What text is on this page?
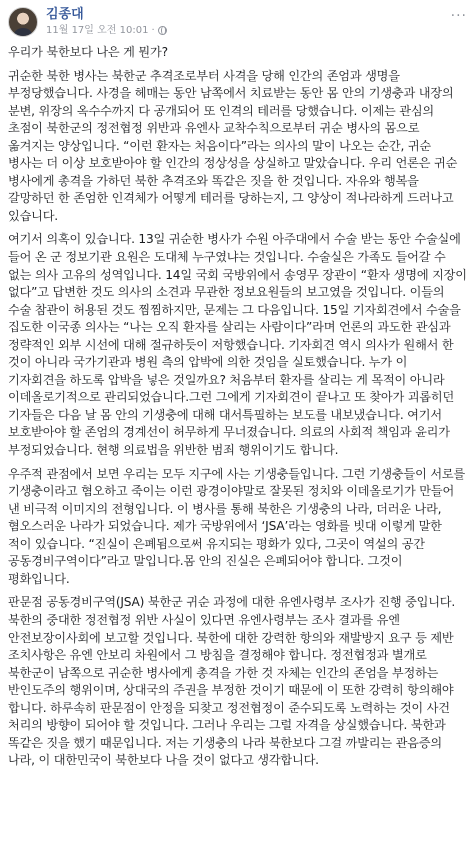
김종대
11월 17일 오전 10:01 ·
···

우리가 북한보다 나은 게 뭔가?

귀순한 북한 병사는 북한군 추격조로부터 사격을 당해 인간의 존엄과 생명을 부정당했습니다. 사경을 헤매는 동안 남쪽에서 치료받는 동안 몸 안의 기생충과 내장의 분변, 위장의 옥수수까지 다 공개되어 또 인격의 테러를 당했습니다. 이제는 관심의 초점이 북한군의 정전협정 위반과 유엔사 교착수칙으로부터 귀순 병사의 몸으로 옮겨지는 양상입니다. “이런 환자는 처음이다”라는 의사의 말이 나오는 순간, 귀순 병사는 더 이상 보호받아야 할 인간의 정상성을 상실하고 말았습니다. 우리 언론은 귀순 병사에게 총격을 가하던 북한 추격조와 똑같은 짓을 한 것입니다. 자유와 행복을 갈망하던 한 존엄한 인격체가 어떻게 테러를 당하는지, 그 양상이 적나라하게 드러나고 있습니다.

여기서 의혹이 있습니다. 13일 귀순한 병사가 수원 아주대에서 수술 받는 동안 수술실에 들어 온 군 정보기관 요원은 도대체 누구였냐는 것입니다. 수술실은 가족도 들어갈 수 없는 의사 고유의 성역입니다. 14일 국회 국방위에서 송영무 장관이 “환자 생명에 지장이 없다”고 답변한 것도 의사의 소견과 무관한 정보요원들의 보고였을 것입니다. 이들의 수술 참관이 허용된 것도 찜찜하지만, 문제는 그 다음입니다. 15일 기자회견에서 수술을 집도한 이국종 의사는 “나는 오직 환자를 살리는 사람이다”라며 언론의 과도한 관심과 정략적인 외부 시선에 대해 절규하듯이 저항했습니다. 기자회견 역시 의사가 원해서 한 것이 아니라 국가기관과 병원 측의 압박에 의한 것임을 실토했습니다. 누가 이 기자회견을 하도록 압박을 넣은 것일까요? 처음부터 환자를 살리는 게 목적이 아니라 이데올로기적으로 관리되었습니다.그런 그에게 기자회견이 끝나고 또 찾아가 괴롭히던 기자들은 다음 날 몸 안의 기생충에 대해 대서특필하는 보도를 내보냈습니다. 여기서 보호받아야 할 존엄의 경계선이 허무하게 무너졌습니다. 의료의 사회적 책임과 윤리가 부정되었습니다. 현행 의료법을 위반한 범죄 행위이기도 합니다.

우주적 관점에서 보면 우리는 모두 지구에 사는 기생충들입니다. 그런 기생충들이 서로를 기생충이라고 혐오하고 죽이는 이런 광경이야말로 잘못된 정치와 이데올로기가 만들어 낸 비극적 이미지의 전형입니다. 이 병사를 통해 북한은 기생충의 나라, 더러운 나라, 혐오스러운 나라가 되었습니다. 제가 국방위에서 ‘JSA’라는 영화를 빗대 이렇게 말한 적이 있습니다. “진실이 은폐됨으로써 유지되는 평화가 있다, 그곳이 역설의 공간 공동경비구역이다”라고 말입니다.몸 안의 진실은 은폐되어야 합니다. 그것이 평화입니다.

판문점 공동경비구역(JSA) 북한군 귀순 과정에 대한 유엔사령부 조사가 진행 중입니다. 북한의 중대한 정전협정 위반 사실이 있다면 유엔사령부는 조사 결과를 유엔 안전보장이사회에 보고할 것입니다. 북한에 대한 강력한 항의와 재발방지 요구 등 제반 조치사항은 유엔 안보리 차원에서 그 방침을 결정해야 합니다. 정전협정과 별개로 북한군이 남쪽으로 귀순한 병사에게 총격을 가한 것 자체는 인간의 존엄을 부정하는 반인도주의 행위이며, 상대국의 주권을 부정한 것이기 때문에 이 또한 강력히 항의해야 합니다. 하루속히 판문점이 안정을 되찾고 정전협정이 준수되도록 노력하는 것이 사건 처리의 방향이 되어야 할 것입니다. 그러나 우리는 그럴 자격을 상실했습니다. 북한과 똑같은 짓을 했기 때문입니다. 저는 기생충의 나라 북한보다 그걸 까발리는 관음증의 나라, 이 대한민국이 북한보다 나을 것이 없다고 생각합니다.
